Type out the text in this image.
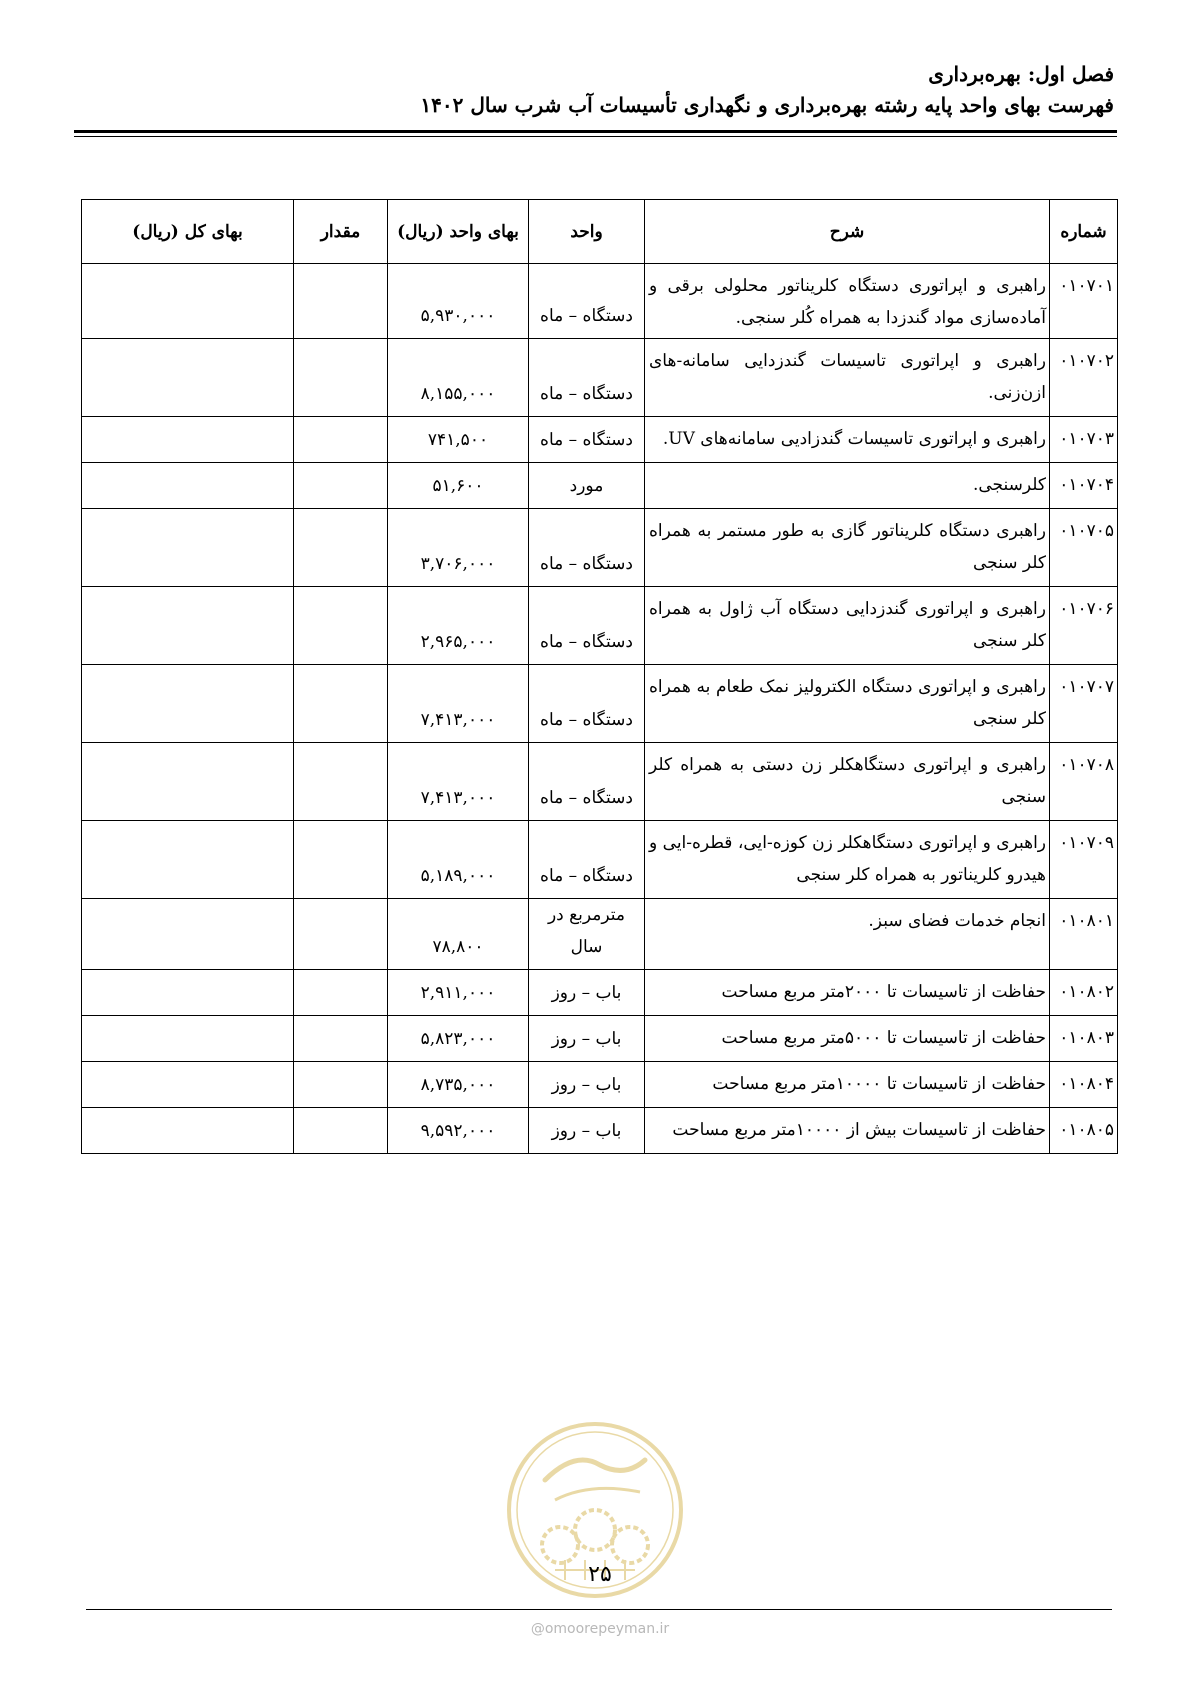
فصل اول: بهره‌برداری
فهرست بهای واحد پایه رشته بهره‌برداری و نگهداری تأسیسات آب شرب سال ۱۴۰۲
شماره	شرح	واحد	بهای واحد (ریال)	مقدار	بهای کل (ریال)
۰۱۰۷۰۱	راهبری و اپراتوری دستگاه کلریناتور محلولی برقی و آماده‌سازی مواد گندزدا به همراه کُلر سنجی.	دستگاه – ماه	۵,۹۳۰,۰۰۰		
۰۱۰۷۰۲	راهبری و اپراتوری تاسیسات گندزدایی سامانه‌-های ازن‌زنی.	دستگاه – ماه	۸,۱۵۵,۰۰۰		
۰۱۰۷۰۳	راهبری و اپراتوری تاسیسات گندزادیی سامانه‌های UV.	دستگاه – ماه	۷۴۱,۵۰۰		
۰۱۰۷۰۴	کلرسنجی.	مورد	۵۱,۶۰۰		
۰۱۰۷۰۵	راهبری دستگاه کلریناتور گازی به طور مستمر به همراه کلر سنجی	دستگاه – ماه	۳,۷۰۶,۰۰۰		
۰۱۰۷۰۶	راهبری و اپراتوری گندزدایی دستگاه آب ژاول به همراه کلر سنجی	دستگاه – ماه	۲,۹۶۵,۰۰۰		
۰۱۰۷۰۷	راهبری و اپراتوری دستگاه الکترولیز نمک طعام به همراه کلر سنجی	دستگاه – ماه	۷,۴۱۳,۰۰۰		
۰۱۰۷۰۸	راهبری و اپراتوری دستگاهکلر زن دستی به همراه کلر سنجی	دستگاه – ماه	۷,۴۱۳,۰۰۰		
۰۱۰۷۰۹	راهبری و اپراتوری دستگاهکلر زن کوزه-ایی، قطره-ایی و هیدرو کلریناتور به همراه کلر سنجی	دستگاه – ماه	۵,۱۸۹,۰۰۰		
۰۱۰۸۰۱	انجام خدمات فضای سبز.	مترمربع در سال	۷۸,۸۰۰		
۰۱۰۸۰۲	حفاظت از تاسیسات تا ۲۰۰۰متر مربع مساحت	باب – روز	۲,۹۱۱,۰۰۰		
۰۱۰۸۰۳	حفاظت از تاسیسات تا ۵۰۰۰متر مربع مساحت	باب – روز	۵,۸۲۳,۰۰۰		
۰۱۰۸۰۴	حفاظت از تاسیسات تا ۱۰۰۰۰متر مربع مساحت	باب – روز	۸,۷۳۵,۰۰۰		
۰۱۰۸۰۵	حفاظت از تاسیسات بیش از ۱۰۰۰۰متر مربع مساحت	باب – روز	۹,۵۹۲,۰۰۰		
۲۵
@omoorepeyman.ir
